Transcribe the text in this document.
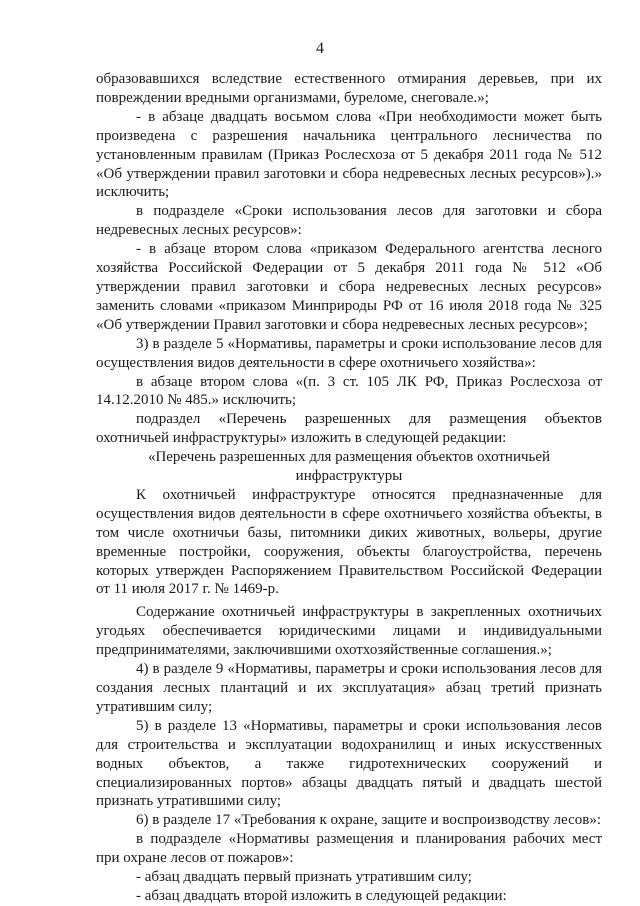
4

образовавшихся вследствие естественного отмирания деревьев, при их повреждении вредными организмами, буреломе, снеговале.»;

- в абзаце двадцать восьмом слова «При необходимости может быть произведена с разрешения начальника центрального лесничества по установленным правилам (Приказ Рослесхоза от 5 декабря 2011 года № 512 «Об утверждении правил заготовки и сбора недревесных лесных ресурсов»).» исключить;

в подразделе «Сроки использования лесов для заготовки и сбора недревесных лесных ресурсов»:

- в абзаце втором слова «приказом Федерального агентства лесного хозяйства Российской Федерации от 5 декабря 2011 года № 512 «Об утверждении правил заготовки и сбора недревесных лесных ресурсов» заменить словами «приказом Минприроды РФ от 16 июля 2018 года № 325 «Об утверждении Правил заготовки и сбора недревесных лесных ресурсов»;

3) в разделе 5 «Нормативы, параметры и сроки использование лесов для осуществления видов деятельности в сфере охотничьего хозяйства»:

в абзаце втором слова «(п. 3 ст. 105 ЛК РФ, Приказ Рослесхоза от 14.12.2010 № 485.» исключить;

подраздел «Перечень разрешенных для размещения объектов охотничьей инфраструктуры» изложить в следующей редакции:

«Перечень разрешенных для размещения объектов охотничьей инфраструктуры

К охотничьей инфраструктуре относятся предназначенные для осуществления видов деятельности в сфере охотничьего хозяйства объекты, в том числе охотничьи базы, питомники диких животных, вольеры, другие временные постройки, сооружения, объекты благоустройства, перечень которых утвержден Распоряжением Правительством Российской Федерации от 11 июля 2017 г. № 1469-р.

Содержание охотничьей инфраструктуры в закрепленных охотничьих угодьях обеспечивается юридическими лицами и индивидуальными предпринимателями, заключившими охотхозяйственные соглашения.»;

4) в разделе 9 «Нормативы, параметры и сроки использования лесов для создания лесных плантаций и их эксплуатация» абзац третий признать утратившим силу;

5) в разделе 13 «Нормативы, параметры и сроки использования лесов для строительства и эксплуатации водохранилищ и иных искусственных водных объектов, а также гидротехнических сооружений и специализированных портов» абзацы двадцать пятый и двадцать шестой признать утратившими силу;

6) в разделе 17 «Требования к охране, защите и воспроизводству лесов»:

в подразделе «Нормативы размещения и планирования рабочих мест при охране лесов от пожаров»:

- абзац двадцать первый признать утратившим силу;

- абзац двадцать второй изложить в следующей редакции:
